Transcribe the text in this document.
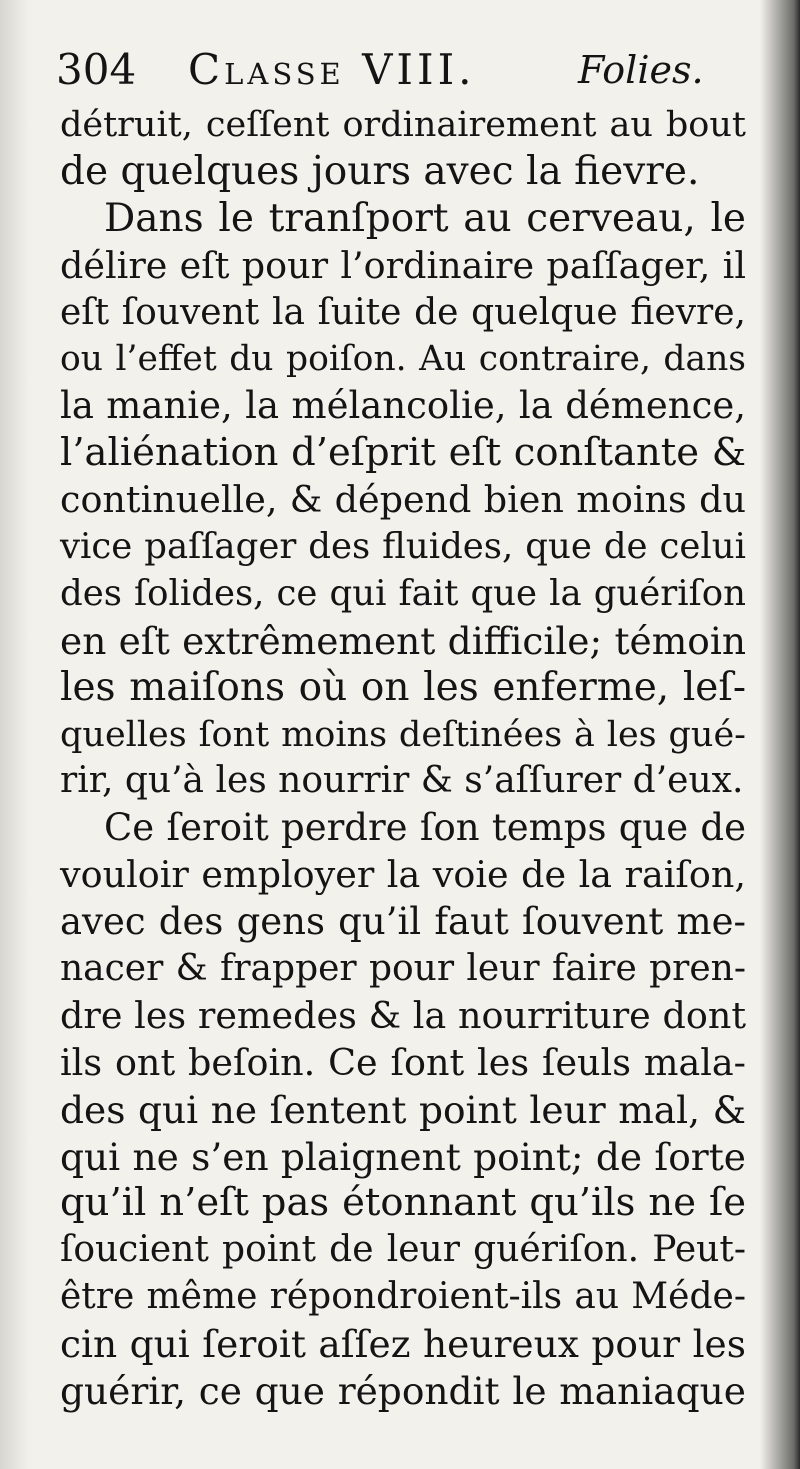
304 Classe VIII.	Folies.
détruit, ceſſent ordinairement au bout
de quelques jours avec la fievre.
Dans le tranſport au cerveau, le
délire eſt pour l’ordinaire paſſager, il
eſt ſouvent la ſuite de quelque fievre,
ou l’effet du poiſon. Au contraire, dans
la manie, la mélancolie, la démence,
l’aliénation d’eſprit eſt conſtante &
continuelle, & dépend bien moins du
vice paſſager des fluides, que de celui
des ſolides, ce qui fait que la guériſon
en eſt extrêmement difficile; témoin
les maiſons où on les enferme, leſ-
quelles ſont moins deſtinées à les gué-
rir, qu’à les nourrir & s’aſſurer d’eux.
Ce ſeroit perdre ſon temps que de
vouloir employer la voie de la raiſon,
avec des gens qu’il faut ſouvent me-
nacer & frapper pour leur faire pren-
dre les remedes & la nourriture dont
ils ont beſoin. Ce ſont les ſeuls mala-
des qui ne ſentent point leur mal, &
qui ne s’en plaignent point; de ſorte
qu’il n’eſt pas étonnant qu’ils ne ſe
ſoucient point de leur guériſon. Peut-
être même répondroient-ils au Méde-
cin qui ſeroit aſſez heureux pour les
guérir, ce que répondit le maniaque
